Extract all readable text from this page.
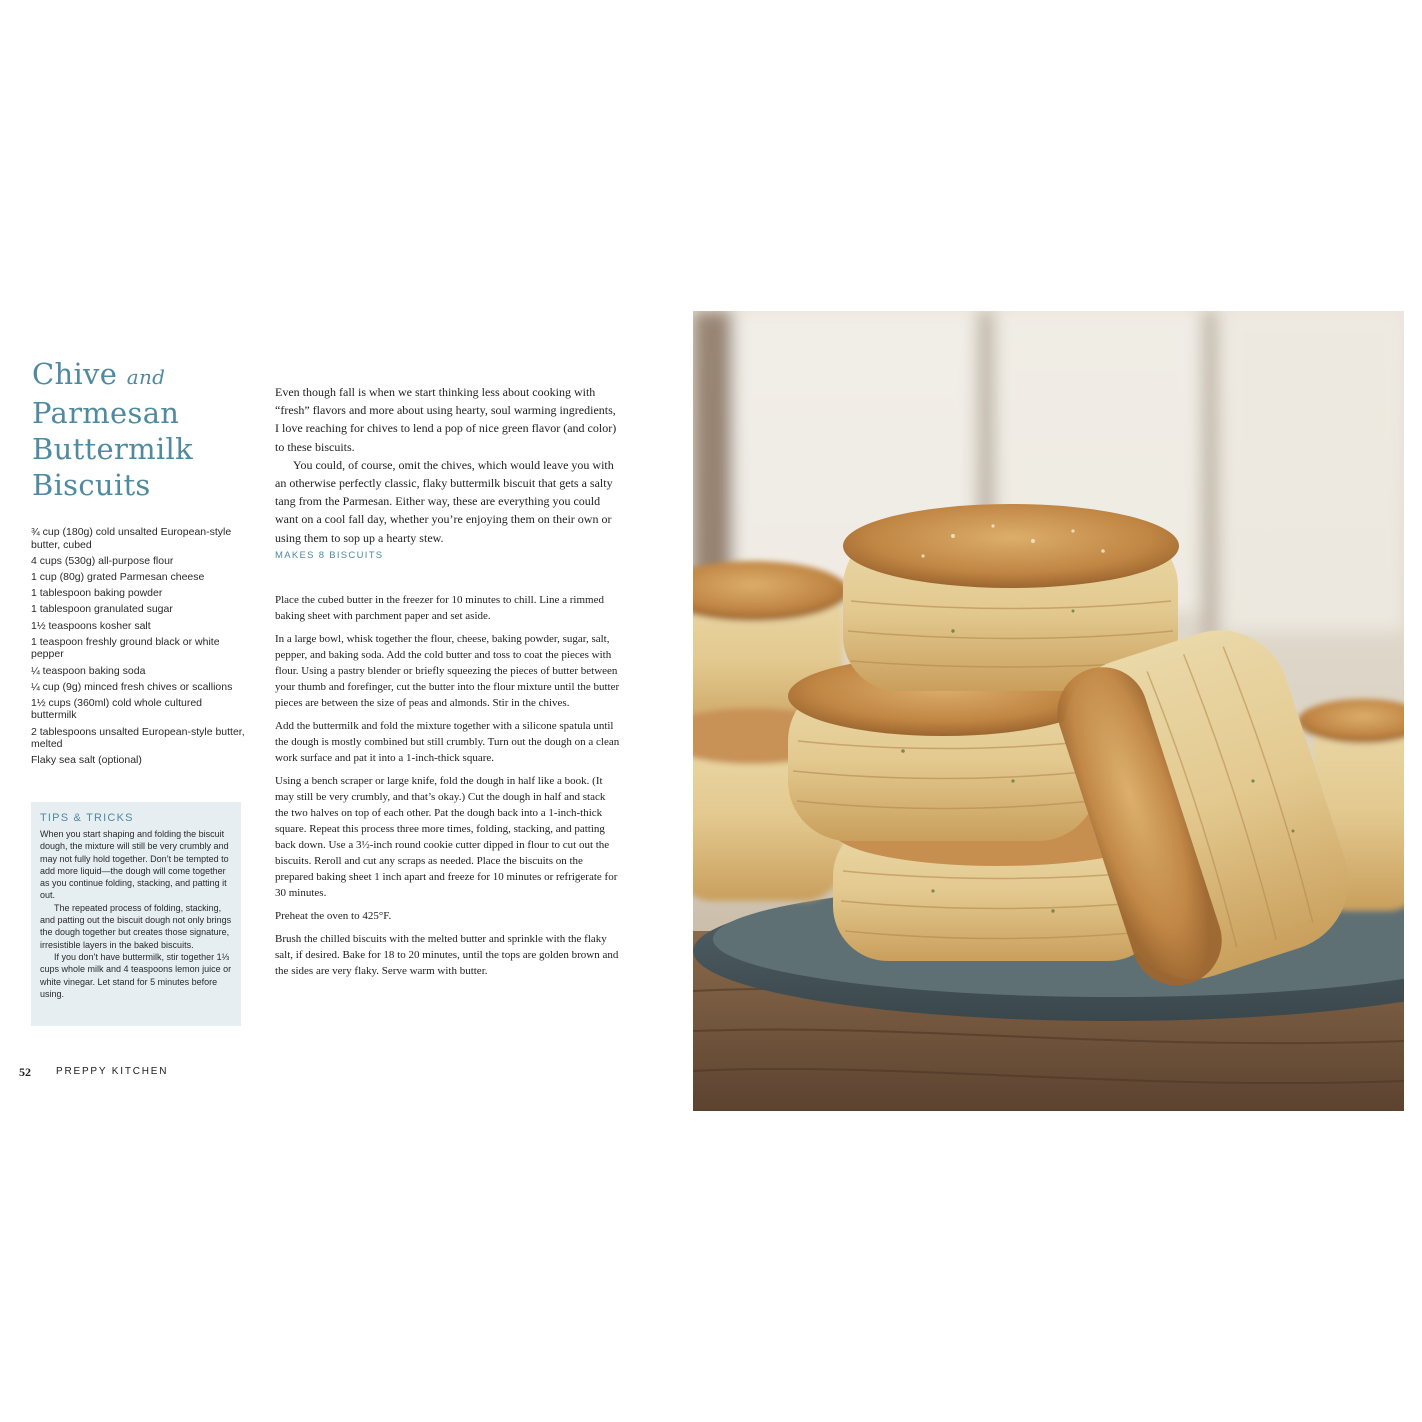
Chive and
Parmesan Buttermilk Biscuits
¾ cup (180g) cold unsalted European-style butter, cubed
4 cups (530g) all-purpose flour
1 cup (80g) grated Parmesan cheese
1 tablespoon baking powder
1 tablespoon granulated sugar
1½ teaspoons kosher salt
1 teaspoon freshly ground black or white pepper
¼ teaspoon baking soda
¼ cup (9g) minced fresh chives or scallions
1½ cups (360ml) cold whole cultured buttermilk
2 tablespoons unsalted European-style butter, melted
Flaky sea salt (optional)
TIPS & TRICKS

When you start shaping and folding the biscuit dough, the mixture will still be very crumbly and may not fully hold together. Don’t be tempted to add more liquid—the dough will come together as you continue folding, stacking, and patting it out.

The repeated process of folding, stacking, and patting out the biscuit dough not only brings the dough together but creates those signature, irresistible layers in the baked biscuits.

If you don’t have buttermilk, stir together 1⅓ cups whole milk and 4 teaspoons lemon juice or white vinegar. Let stand for 5 minutes before using.

Even though fall is when we start thinking less about cooking with “fresh” flavors and more about using hearty, soul warming ingredients, I love reaching for chives to lend a pop of nice green flavor (and color) to these biscuits.

You could, of course, omit the chives, which would leave you with an otherwise perfectly classic, flaky buttermilk biscuit that gets a salty tang from the Parmesan. Either way, these are everything you could want on a cool fall day, whether you’re enjoying them on their own or using them to sop up a hearty stew.

MAKES 8 BISCUITS

Place the cubed butter in the freezer for 10 minutes to chill. Line a rimmed baking sheet with parchment paper and set aside.

In a large bowl, whisk together the flour, cheese, baking powder, sugar, salt, pepper, and baking soda. Add the cold butter and toss to coat the pieces with flour. Using a pastry blender or briefly squeezing the pieces of butter between your thumb and forefinger, cut the butter into the flour mixture until the butter pieces are between the size of peas and almonds. Stir in the chives.

Add the buttermilk and fold the mixture together with a silicone spatula until the dough is mostly combined but still crumbly. Turn out the dough on a clean work surface and pat it into a 1-inch-thick square.

Using a bench scraper or large knife, fold the dough in half like a book. (It may still be very crumbly, and that’s okay.) Cut the dough in half and stack the two halves on top of each other. Pat the dough back into a 1-inch-thick square. Repeat this process three more times, folding, stacking, and patting back down. Use a 3½-inch round cookie cutter dipped in flour to cut out the biscuits. Reroll and cut any scraps as needed. Place the biscuits on the prepared baking sheet 1 inch apart and freeze for 10 minutes or refrigerate for 30 minutes.

Preheat the oven to 425°F.

Brush the chilled biscuits with the melted butter and sprinkle with the flaky salt, if desired. Bake for 18 to 20 minutes, until the tops are golden brown and the sides are very flaky. Serve warm with butter.

52	PREPPY KITCHEN
